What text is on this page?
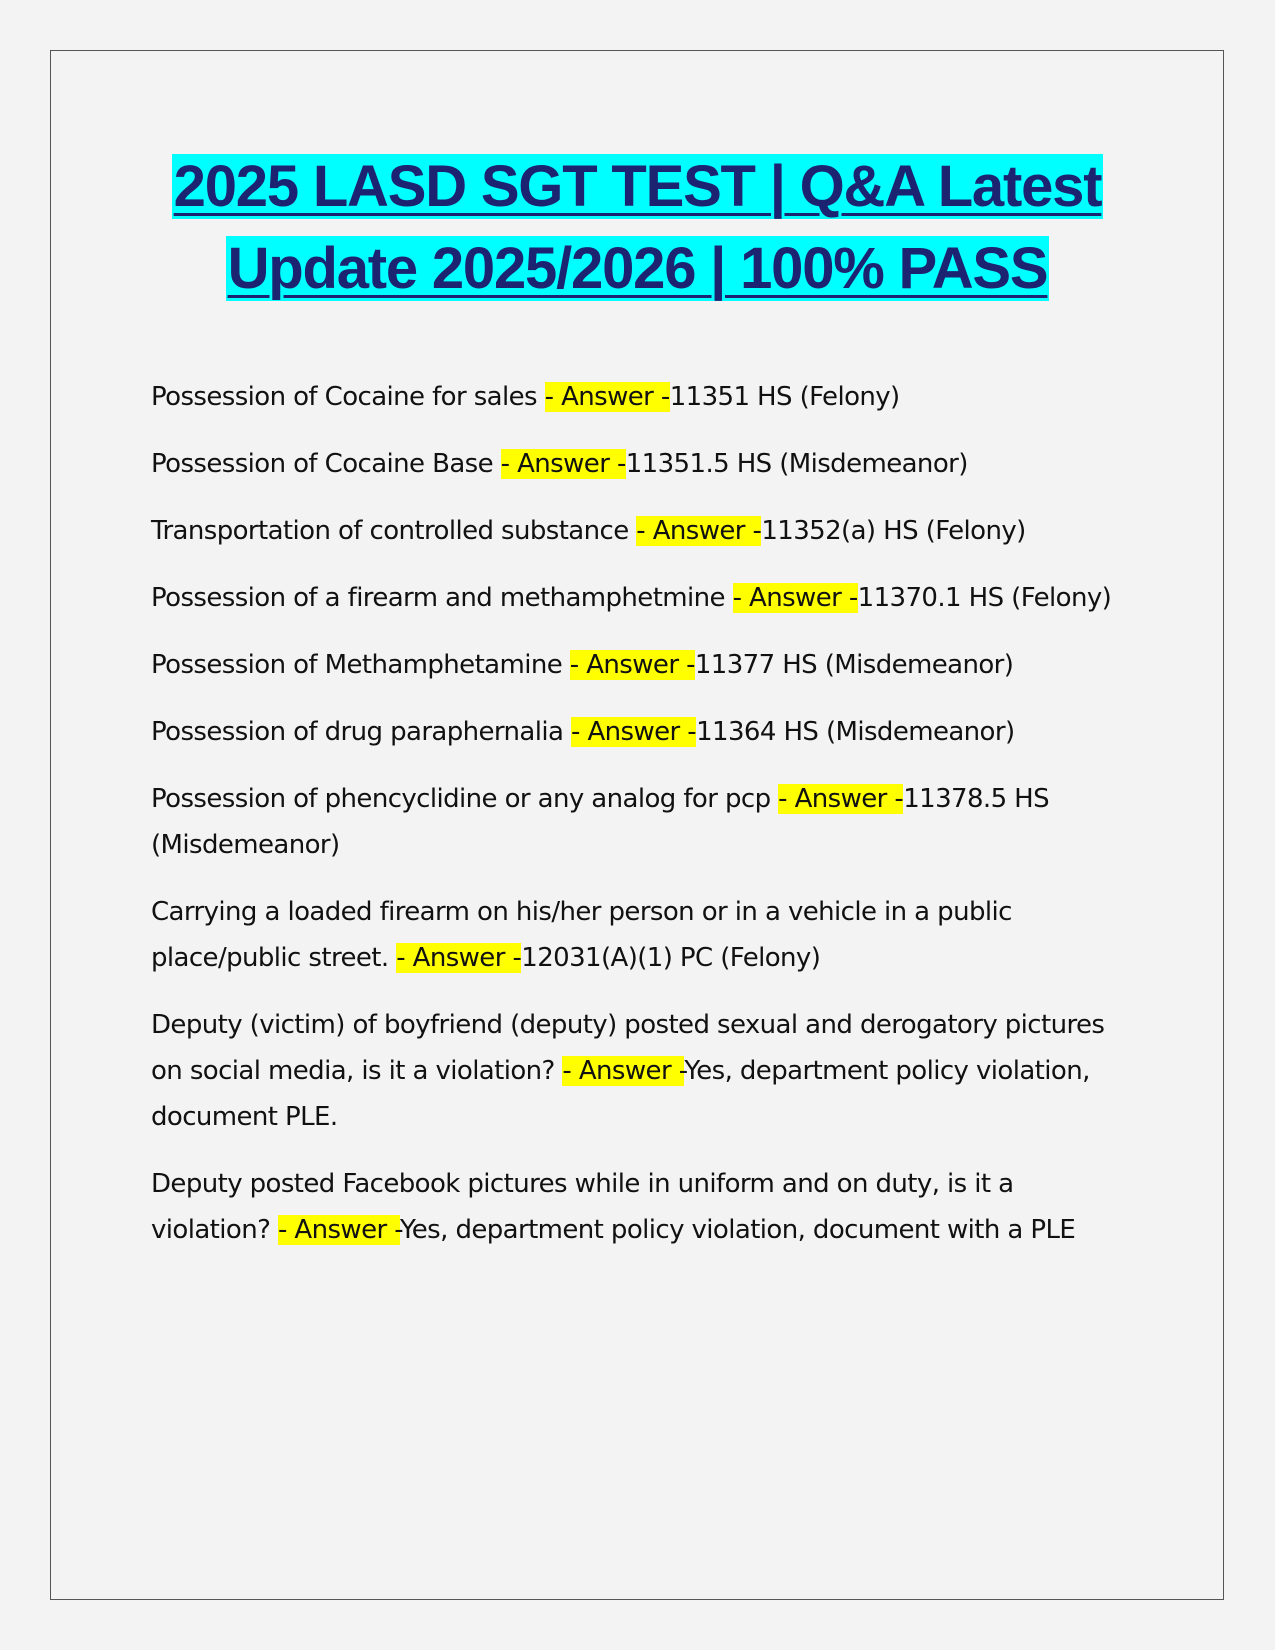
2025 LASD SGT TEST | Q&A Latest
Update 2025/2026 | 100% PASS

Possession of Cocaine for sales - Answer -11351 HS (Felony)

Possession of Cocaine Base - Answer -11351.5 HS (Misdemeanor)

Transportation of controlled substance - Answer -11352(a) HS (Felony)

Possession of a firearm and methamphetmine - Answer -11370.1 HS (Felony)

Possession of Methamphetamine - Answer -11377 HS (Misdemeanor)

Possession of drug paraphernalia - Answer -11364 HS (Misdemeanor)

Possession of phencyclidine or any analog for pcp - Answer -11378.5 HS (Misdemeanor)

Carrying a loaded firearm on his/her person or in a vehicle in a public place/public street. - Answer -12031(A)(1) PC (Felony)

Deputy (victim) of boyfriend (deputy) posted sexual and derogatory pictures on social media, is it a violation? - Answer -Yes, department policy violation, document PLE.

Deputy posted Facebook pictures while in uniform and on duty, is it a violation? - Answer -Yes, department policy violation, document with a PLE
